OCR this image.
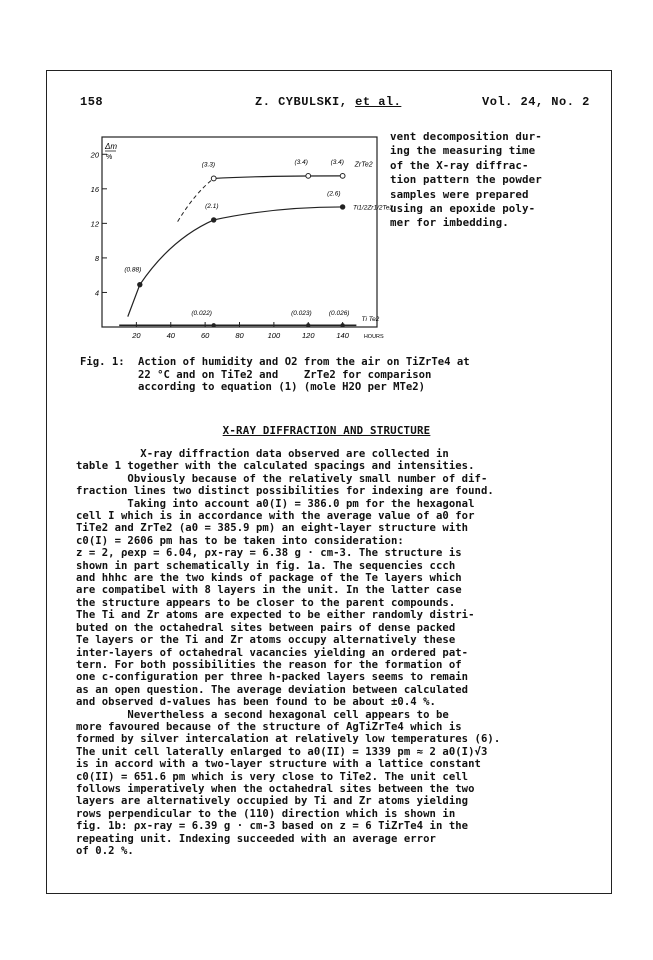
158	Z. CYBULSKI, et al.	Vol. 24, No. 2
20
16
12
8
4
20	40	60	80	100	120	140	HOURS
Δm
%
(3.3)	(3.4)	(3.4)
(0.88)
(2.1)
(2.6)
(0.022)	(0.023)	(0.026)
ZrTe2
Ti1/2Zr1/2Te2
Ti Te2
vent decomposition dur-
ing the measuring time
of the X-ray diffrac-
tion pattern the powder
samples were prepared
using an epoxide poly-
mer for imbedding.

Fig. 1:

Action of humidity and O2 from the air on TiZrTe4 at
22 °C and on TiTe2 and    ZrTe2 for comparison
according to equation (1) (mole H2O per MTe2)

X-RAY DIFFRACTION AND STRUCTURE
X-ray diffraction data observed are collected in
table 1 together with the calculated spacings and intensities.
Obviously because of the relatively small number of dif-
fraction lines two distinct possibilities for indexing are found.
Taking into account a0(I) = 386.0 pm for the hexagonal
cell I which is in accordance with the average value of a0 for
TiTe2 and ZrTe2 (a0 = 385.9 pm) an eight-layer structure with
c0(I) = 2606 pm has to be taken into consideration:
z = 2, ρexp = 6.04, ρx-ray = 6.38 g · cm-3. The structure is
shown in part schematically in fig. 1a. The sequencies ccch
and hhhc are the two kinds of package of the Te layers which
are compatibel with 8 layers in the unit. In the latter case
the structure appears to be closer to the parent compounds.
The Ti and Zr atoms are expected to be either randomly distri-
buted on the octahedral sites between pairs of dense packed
Te layers or the Ti and Zr atoms occupy alternatively these
inter-layers of octahedral vacancies yielding an ordered pat-
tern. For both possibilities the reason for the formation of
one c-configuration per three h-packed layers seems to remain
as an open question. The average deviation between calculated
and observed d-values has been found to be about ±0.4 %.
Nevertheless a second hexagonal cell appears to be
more favoured because of the structure of AgTiZrTe4 which is
formed by silver intercalation at relatively low temperatures (6).
The unit cell laterally enlarged to a0(II) = 1339 pm ≈ 2 a0(I)√3
is in accord with a two-layer structure with a lattice constant
c0(II) = 651.6 pm which is very close to TiTe2. The unit cell
follows imperatively when the octahedral sites between the two
layers are alternatively occupied by Ti and Zr atoms yielding
rows perpendicular to the (110) direction which is shown in
fig. 1b: ρx-ray = 6.39 g · cm-3 based on z = 6 TiZrTe4 in the
repeating unit. Indexing succeeded with an average error
of 0.2 %.
